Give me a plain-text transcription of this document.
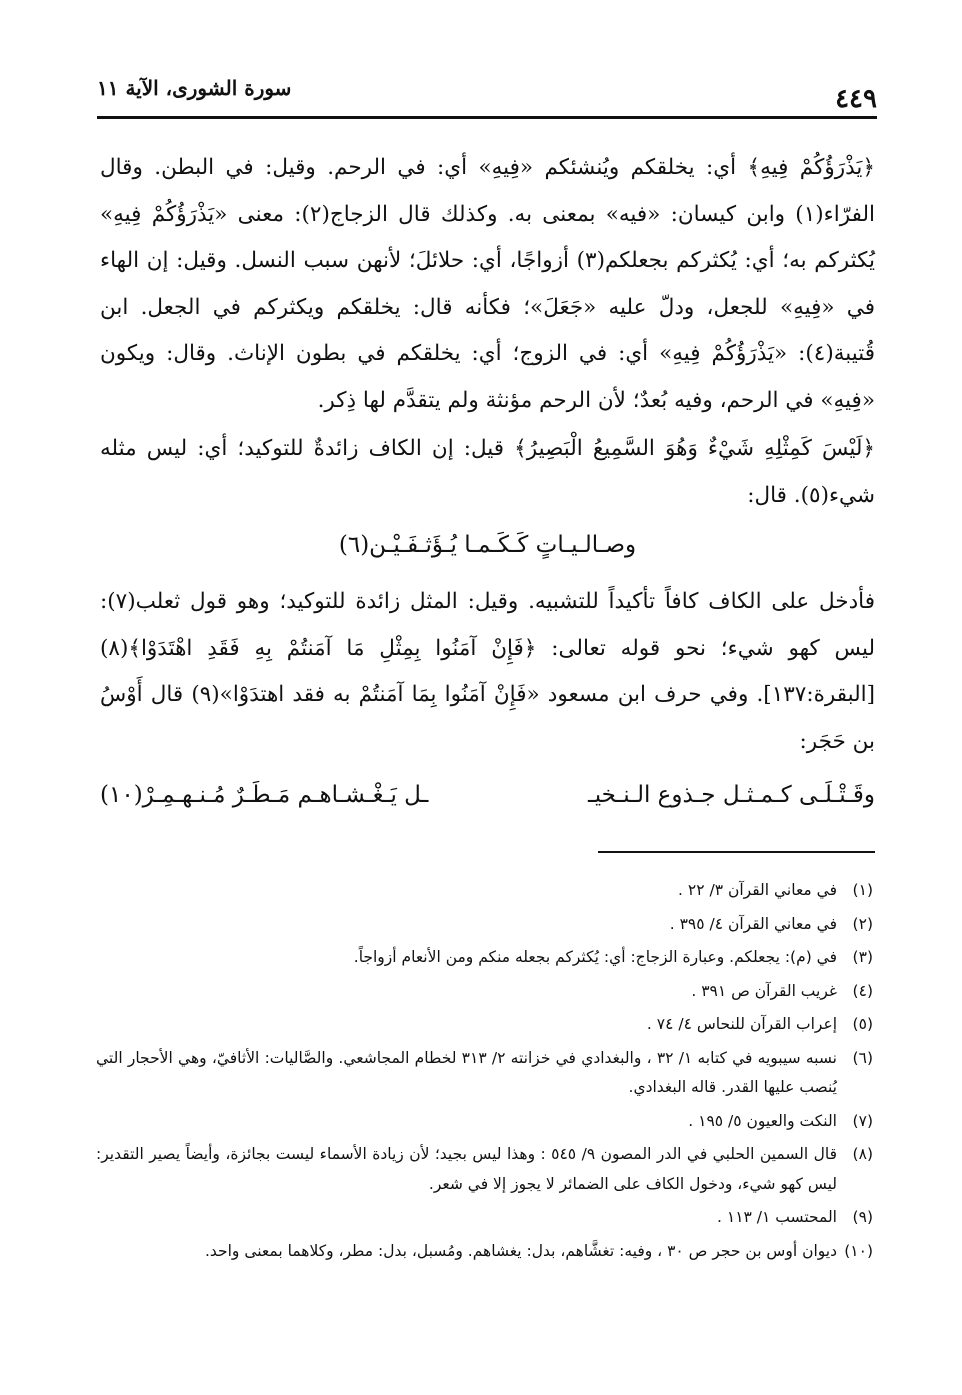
سورة الشورى، الآية ١١	٤٤٩

﴿يَذْرَؤُكُمْ فِيهِ﴾ أي: يخلقكم ويُنشئكم «فِيهِ» أي: في الرحم. وقيل: في البطن. وقال الفرّاء(١) وابن كيسان: «فيه» بمعنى به. وكذلك قال الزجاج(٢): معنى «يَذْرَؤُكُمْ فِيهِ» يُكثركم به؛ أي: يُكثركم بجعلكم(٣) أزواجًا، أي: حلائلَ؛ لأنهن سبب النسل. وقيل: إن الهاء في «فِيهِ» للجعل، ودلّ عليه «جَعَلَ»؛ فكأنه قال: يخلقكم ويكثركم في الجعل. ابن قُتيبة(٤): «يَذْرَؤُكُمْ فِيهِ» أي: في الزوج؛ أي: يخلقكم في بطون الإناث. وقال: ويكون «فِيهِ» في الرحم، وفيه بُعدٌ؛ لأن الرحم مؤنثة ولم يتقدَّم لها ذِكر.

﴿لَيْسَ كَمِثْلِهِ شَيْءٌ وَهُوَ السَّمِيعُ الْبَصِيرُ﴾ قيل: إن الكاف زائدةٌ للتوكيد؛ أي: ليس مثله شيء(٥). قال:

وصـالـيـاتٍ كَـكَـمـا يُـؤَثـفَـيْـن(٦)

فأدخل على الكاف كافاً تأكيداً للتشبيه. وقيل: المثل زائدة للتوكيد؛ وهو قول ثعلب(٧): ليس كهو شيء؛ نحو قوله تعالى: ﴿فَإِنْ آمَنُوا بِمِثْلِ مَا آمَنتُمْ بِهِ فَقَدِ اهْتَدَوْا﴾(٨) [البقرة:١٣٧]. وفي حرف ابن مسعود «فَإِنْ آمَنُوا بِمَا آمَنتُمْ به فقد اهتدَوْا»(٩) قال أَوْسُ بن حَجَر:

وقَـتْـلَـى كـمـثـل جـذوع الـنـخيـ
ـل يَـغْـشـاهـم مَـطَـرٌ مُـنـهـمِـرْ(١٠)
(١)
في معاني القرآن ٣/ ٢٢ .
(٢)
في معاني القرآن ٤/ ٣٩٥ .
(٣)
في (م): يجعلكم. وعبارة الزجاج: أي: يُكثركم بجعله منكم ومن الأنعام أزواجاً.
(٤)
غريب القرآن ص ٣٩١ .
(٥)
إعراب القرآن للنحاس ٤/ ٧٤ .
(٦)
نسبه سيبويه في كتابه ١/ ٣٢ ، والبغدادي في خزانته ٢/ ٣١٣ لخطام المجاشعي. والصَّاليات: الأثافيّ، وهي الأحجار التي يُنصب عليها القدر. قاله البغدادي.
(٧)
النكت والعيون ٥/ ١٩٥ .
(٨)
قال السمين الحلبي في الدر المصون ٩/ ٥٤٥ : وهذا ليس بجيد؛ لأن زيادة الأسماء ليست بجائزة، وأيضاً يصير التقدير: ليس كهو شيء، ودخول الكاف على الضمائر لا يجوز إلا في شعر.
(٩)
المحتسب ١/ ١١٣ .
(١٠)
ديوان أوس بن حجر ص ٣٠ ، وفيه: تغشَّاهم، بدل: يغشاهم. ومُسبل، بدل: مطر، وكلاهما بمعنى واحد.
